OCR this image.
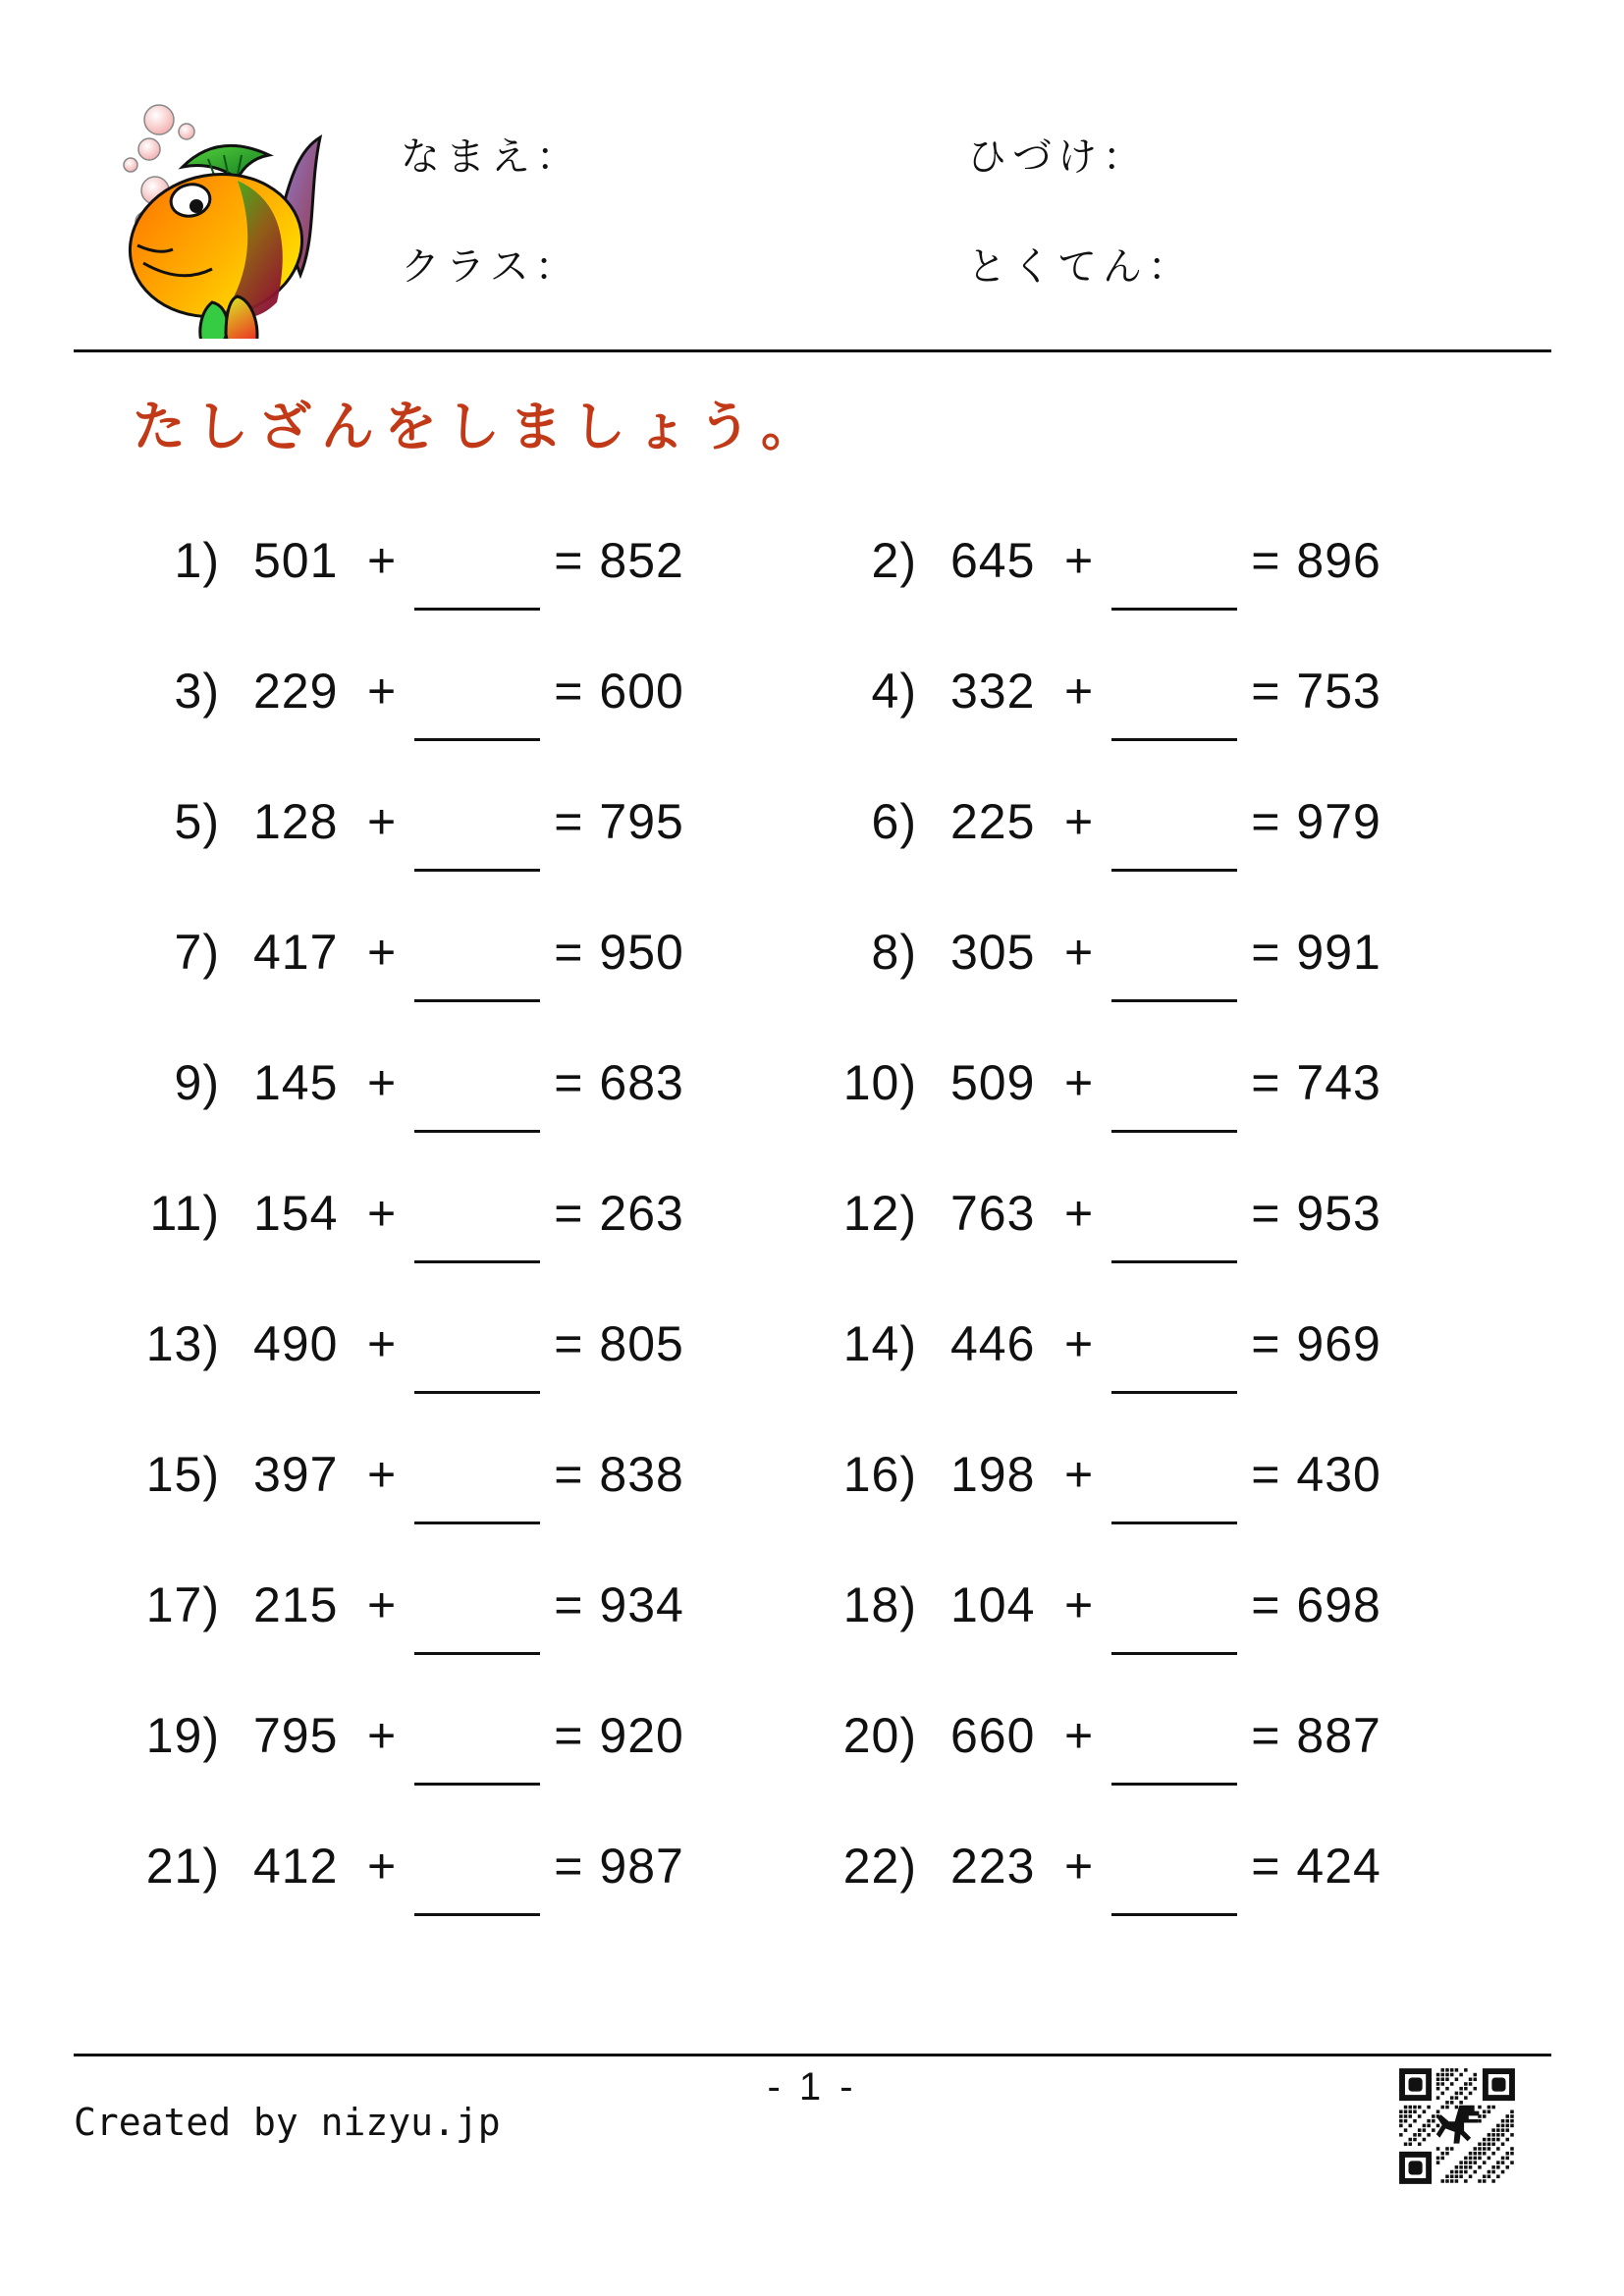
なまえ：
クラス：
ひづけ：
とくてん：
たしざんをしましょう。
1) 501 +	= 852	2) 645 +	= 896
3) 229 +	= 600	4) 332 +	= 753
5) 128 +	= 795	6) 225 +	= 979
7) 417 +	= 950	8) 305 +	= 991
9) 145 +	= 683	10) 509 +	= 743
11) 154 +	= 263	12) 763 +	= 953
13) 490 +	= 805	14) 446 +	= 969
15) 397 +	= 838	16) 198 +	= 430
17) 215 +	= 934	18) 104 +	= 698
19) 795 +	= 920	20) 660 +	= 887
21) 412 +	= 987	22) 223 +	= 424
- 1 -
Created by nizyu.jp
